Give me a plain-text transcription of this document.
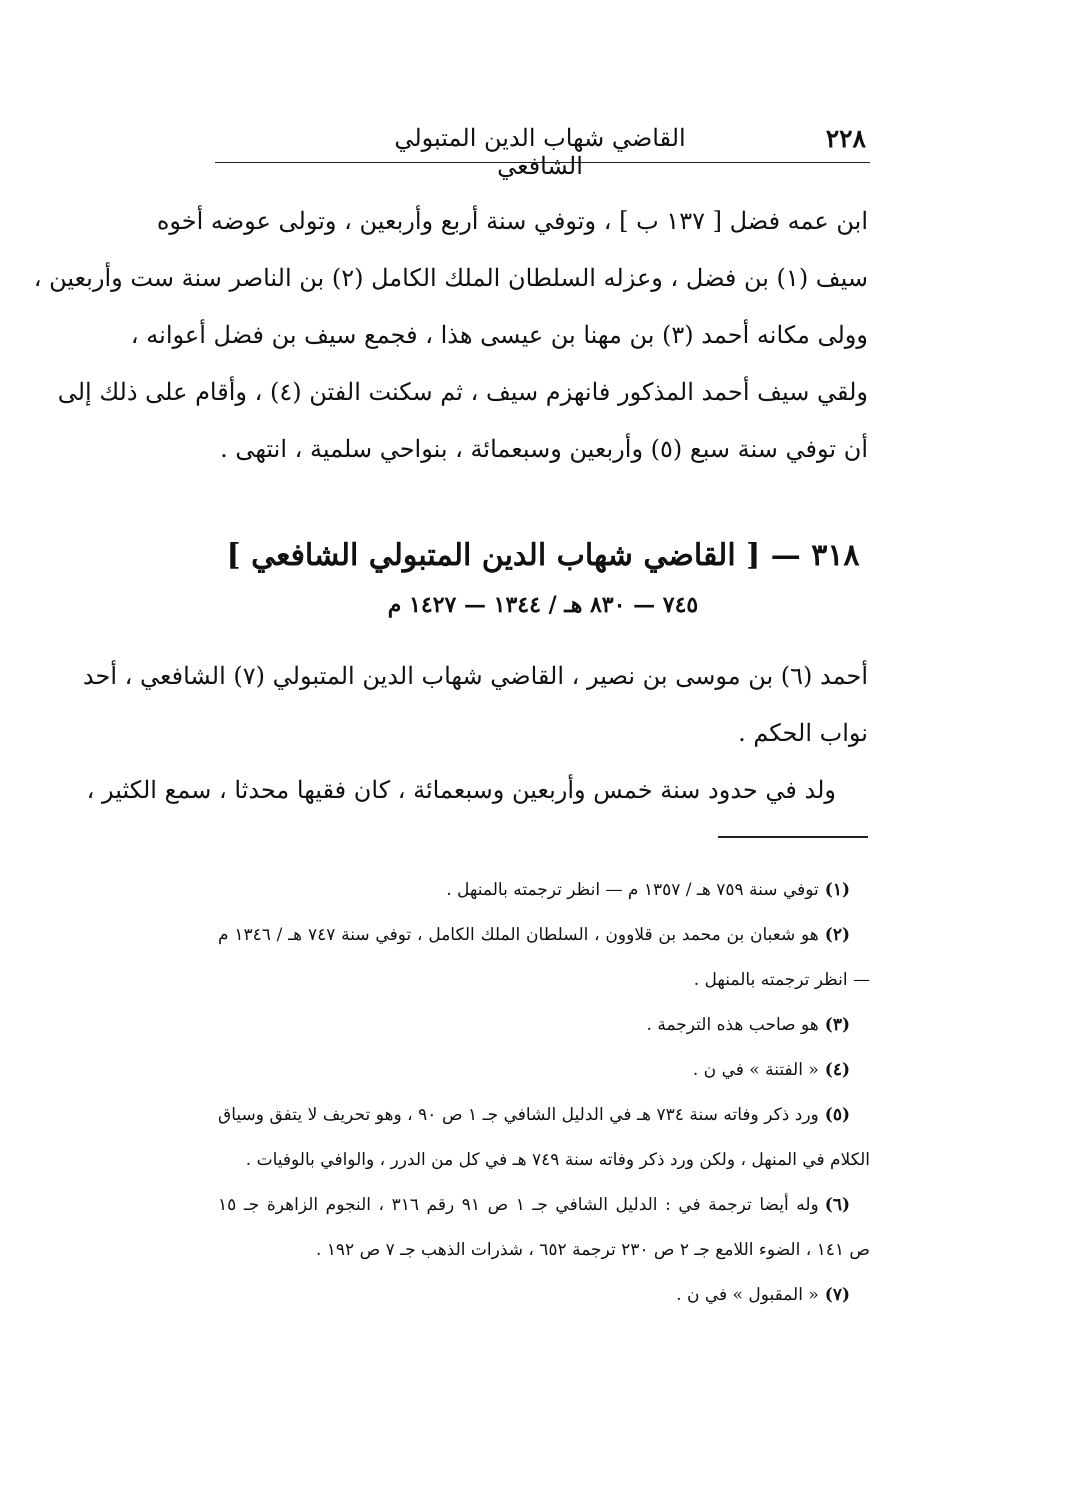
٢٢٨
القاضي شهاب الدين المتبولي الشافعي
ابن عمه فضل [ ١٣٧ ب ] ، وتوفي سنة أربع وأربعين ، وتولى عوضه أخوه
سيف (١) بن فضل ، وعزله السلطان الملك الكامل (٢) بن الناصر سنة ست وأربعين ،
وولى مكانه أحمد (٣) بن مهنا بن عيسى هذا ، فجمع سيف بن فضل أعوانه ،
ولقي سيف أحمد المذكور فانهزم سيف ، ثم سكنت الفتن (٤) ، وأقام على ذلك إلى
أن توفي سنة سبع (٥) وأربعين وسبعمائة ، بنواحي سلمية ، انتهى .
٣١٨ — [ القاضي شهاب الدين المتبولي الشافعي ]
٧٤٥ — ٨٣٠ هـ / ١٣٤٤ — ١٤٢٧ م
أحمد (٦) بن موسى بن نصير ، القاضي شهاب الدين المتبولي (٧) الشافعي ، أحد
نواب الحكم .
ولد في حدود سنة خمس وأربعين وسبعمائة ، كان فقيها محدثا ، سمع الكثير ،
(١)توفي سنة ٧٥٩ هـ / ١٣٥٧ م — انظر ترجمته بالمنهل .
(٢)هو شعبان بن محمد بن قلاوون ، السلطان الملك الكامل ، توفي سنة ٧٤٧ هـ / ١٣٤٦ م
— انظر ترجمته بالمنهل .
(٣)هو صاحب هذه الترجمة .
(٤)« الفتنة » في ن .
(٥)ورد ذكر وفاته سنة ٧٣٤ هـ في الدليل الشافي جـ ١ ص ٩٠ ، وهو تحريف لا يتفق وسياق
الكلام في المنهل ، ولكن ورد ذكر وفاته سنة ٧٤٩ هـ في كل من الدرر ، والوافي بالوفيات .
(٦)وله أيضا ترجمة في : الدليل الشافي جـ ١ ص ٩١ رقم ٣١٦ ، النجوم الزاهرة جـ ١٥
ص ١٤١ ، الضوء اللامع جـ ٢ ص ٢٣٠ ترجمة ٦٥٢ ، شذرات الذهب جـ ٧ ص ١٩٢ .
(٧)« المقبول » في ن .
